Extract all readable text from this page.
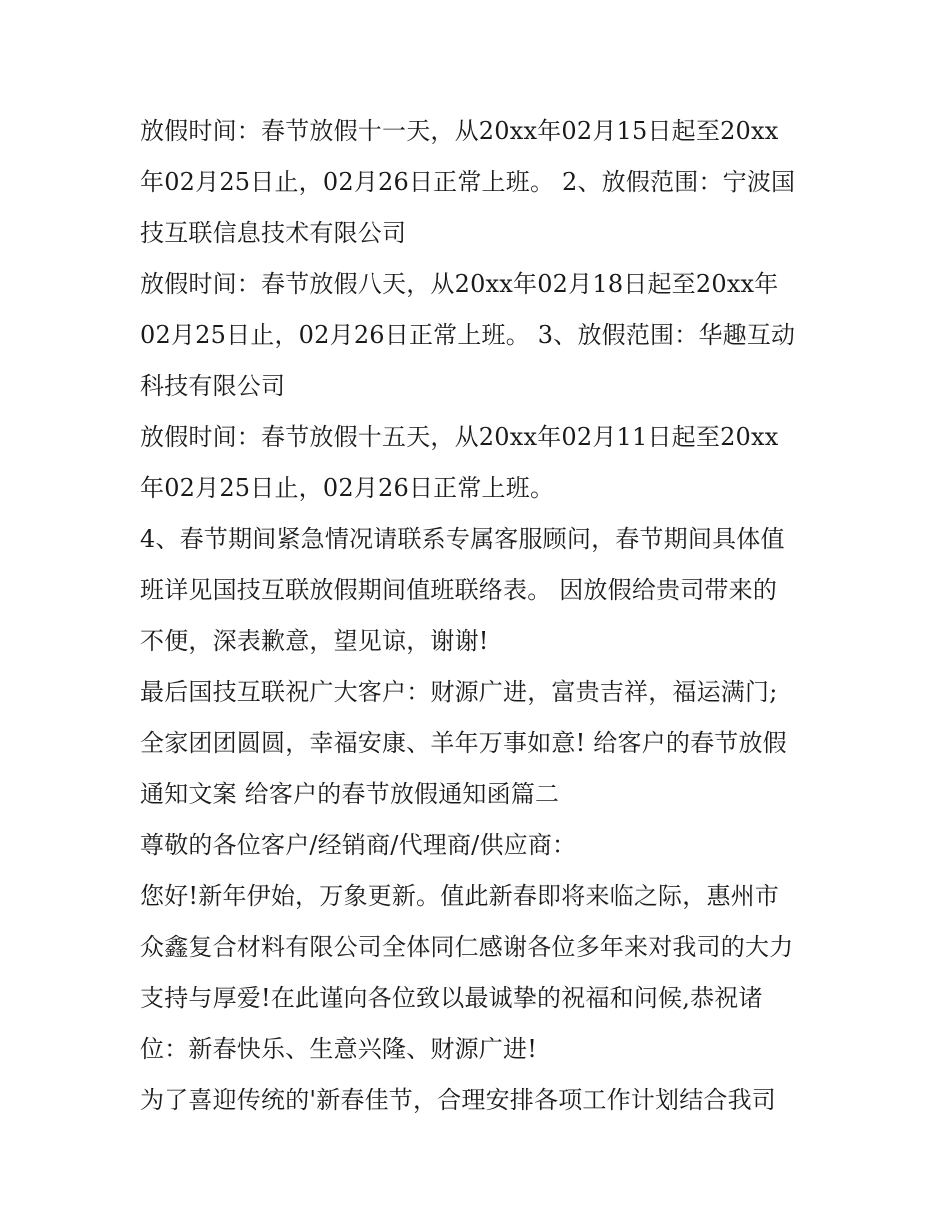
放假时间：春节放假十一天，从20xx年02月15日起至20xx
年02月25日止，02月26日正常上班。 2、放假范围：宁波国
技互联信息技术有限公司
放假时间：春节放假八天，从20xx年02月18日起至20xx年
02月25日止，02月26日正常上班。 3、放假范围：华趣互动
科技有限公司
放假时间：春节放假十五天，从20xx年02月11日起至20xx
年02月25日止，02月26日正常上班。
4、春节期间紧急情况请联系专属客服顾问，春节期间具体值
班详见国技互联放假期间值班联络表。 因放假给贵司带来的
不便，深表歉意，望见谅，谢谢!
最后国技互联祝广大客户：财源广进，富贵吉祥，福运满门;
全家团团圆圆，幸福安康、羊年万事如意! 给客户的春节放假
通知文案 给客户的春节放假通知函篇二
尊敬的各位客户/经销商/代理商/供应商：
您好!新年伊始，万象更新。值此新春即将来临之际，惠州市
众鑫复合材料有限公司全体同仁感谢各位多年来对我司的大力
支持与厚爱!在此谨向各位致以最诚挚的祝福和问候,恭祝诸
位：新春快乐、生意兴隆、财源广进!
为了喜迎传统的'新春佳节，合理安排各项工作计划结合我司
